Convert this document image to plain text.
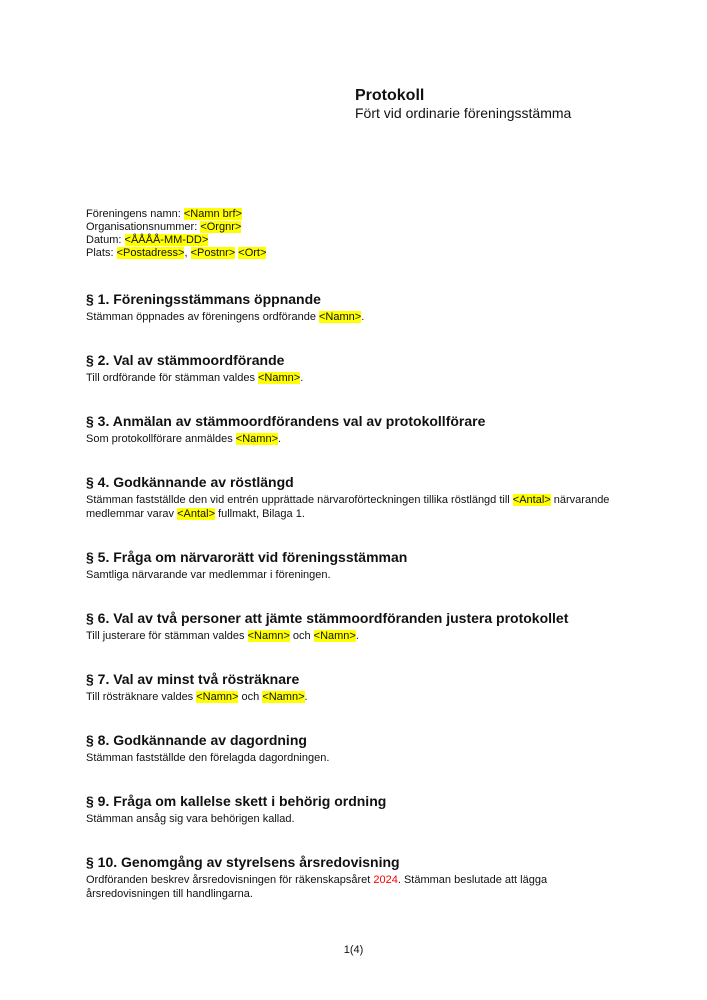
Protokoll
Fört vid ordinarie föreningsstämma
Föreningens namn: <Namn brf>
Organisationsnummer: <Orgnr>
Datum: <ÅÅÅÅ-MM-DD>
Plats: <Postadress>, <Postnr> <Ort>
§ 1. Föreningsstämmans öppnande

Stämman öppnades av föreningens ordförande <Namn>.

§ 2. Val av stämmoordförande

Till ordförande för stämman valdes <Namn>.

§ 3. Anmälan av stämmoordförandens val av protokollförare

Som protokollförare anmäldes <Namn>.

§ 4. Godkännande av röstlängd

Stämman fastställde den vid entrén upprättade närvaroförteckningen tillika röstlängd till <Antal> närvarande medlemmar varav <Antal> fullmakt, Bilaga 1.

§ 5. Fråga om närvarorätt vid föreningsstämman

Samtliga närvarande var medlemmar i föreningen.

§ 6. Val av två personer att jämte stämmoordföranden justera protokollet

Till justerare för stämman valdes <Namn> och <Namn>.

§ 7. Val av minst två rösträknare

Till rösträknare valdes <Namn> och <Namn>.

§ 8. Godkännande av dagordning

Stämman fastställde den förelagda dagordningen.

§ 9. Fråga om kallelse skett i behörig ordning

Stämman ansåg sig vara behörigen kallad.

§ 10. Genomgång av styrelsens årsredovisning

Ordföranden beskrev årsredovisningen för räkenskapsåret 2024. Stämman beslutade att lägga årsredovisningen till handlingarna.

1(4)
